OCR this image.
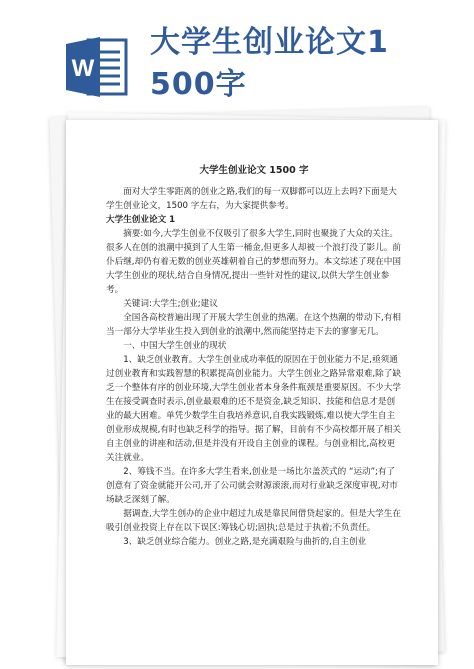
W
大学生创业论文1
500字
大学生创业论文 1500 字

面对大学生零距离的创业之路,我们的每一双脚都可以迈上去吗?下面是大学生创业论文，1500 字左右，为大家提供参考。

大学生创业论文 1

摘要:如今,大学生创业不仅吸引了很多大学生,同时也聚拢了大众的关注。很多人在创的浪潮中摸到了人生第一桶金,但更多人却被一个浪打没了影儿。前仆后继,却仍有着无数的创业英雄朝着自己的梦想而努力。本文综述了现在中国大学生创业的现状,结合自身情况,提出一些针对性的建议,以供大学生创业参考。

关键词:大学生;创业;建议

全国各高校普遍出现了开展大学生创业的热潮。在这个热潮的带动下,有相当一部分大学毕业生投入到创业的浪潮中,然而能坚持走下去的寥寥无几。

一、中国大学生创业的现状

1、缺乏创业教育。大学生创业成功率低的原因在于创业能力不足,亟须通过创业教育和实践智慧的积累提高创业能力。大学生创业之路异常艰难,除了缺乏一个整体有序的创业环境,大学生创业者本身条件瓶颈是重要原因。不少大学生在接受调查时表示,创业最艰难的还不是资金,缺乏知识、技能和信息才是创业的最大困难。单凭少数学生自我培养意识,自我实践锻炼,难以使大学生自主创业形成规模,有时也缺乏科学的指导。据了解，目前有不少高校都开展了相关自主创业的讲座和活动,但是并没有开设自主创业的课程。与创业相比,高校更关注就业。

2、筹钱不当。在许多大学生看来,创业是一场比尔盖茨式的 “运动”;有了创意有了资金就能开公司,开了公司就会财源滚滚,而对行业缺乏深度审视,对市场缺乏深刻了解。

据调查,大学生创办的企业中超过九成是靠民间借贷起家的。但是大学生在吸引创业投资上存在以下误区:筹钱心切;固执;总是过于执着;不负责任。

3、缺乏创业综合能力。创业之路,是充满艰险与曲折的,自主创业
